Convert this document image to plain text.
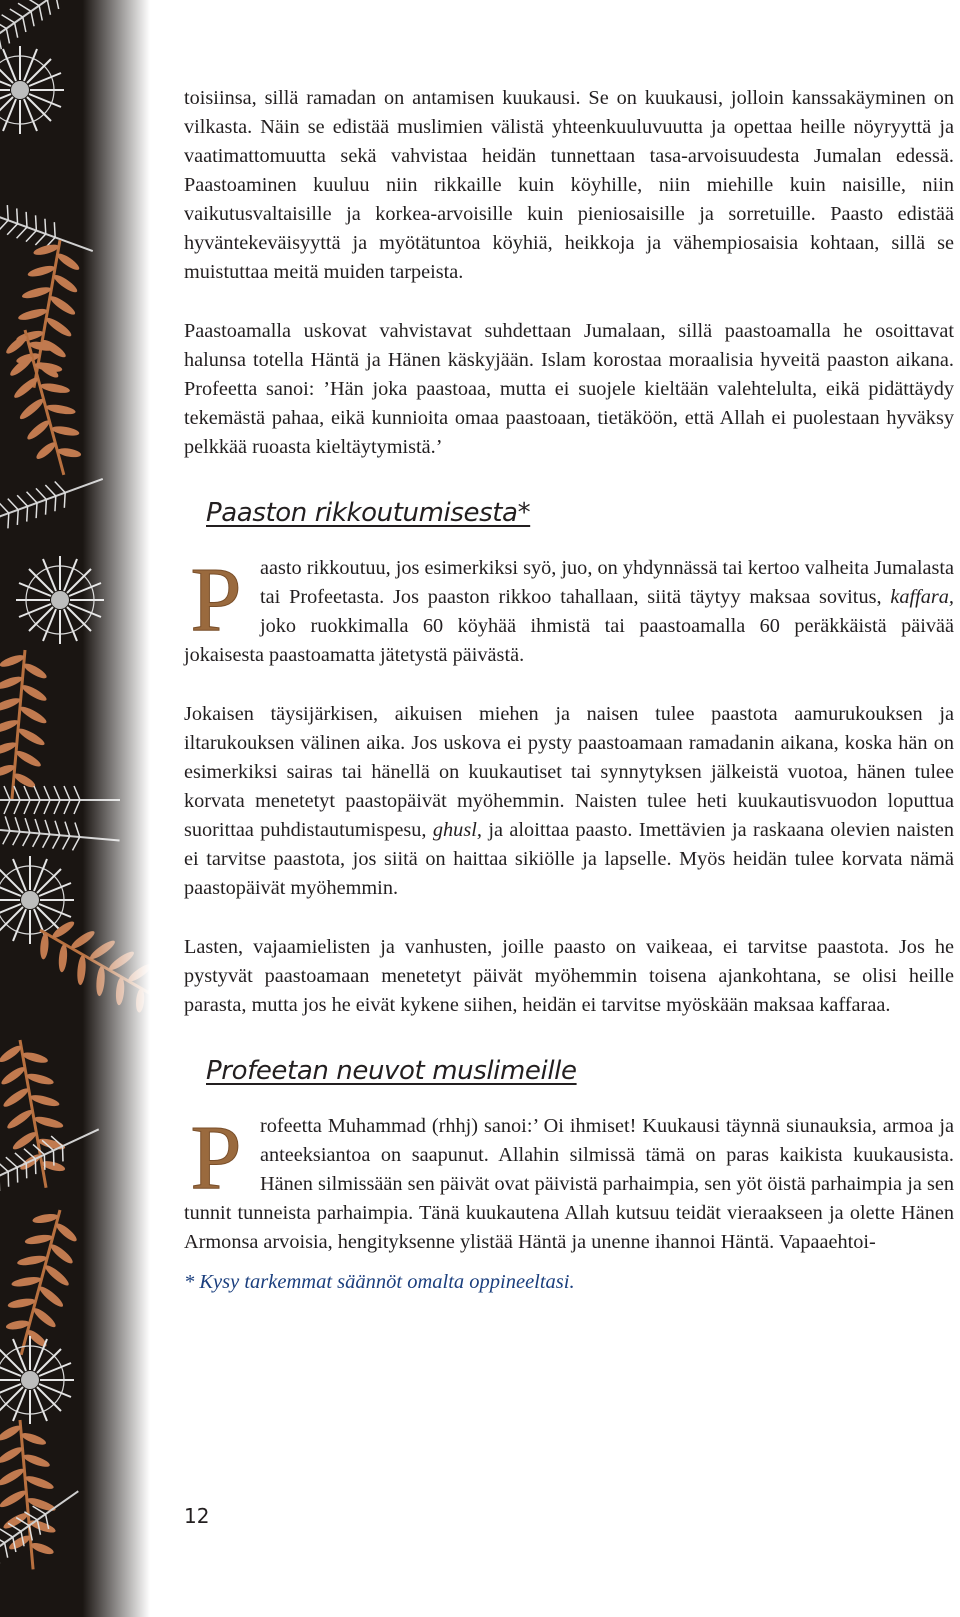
toisiinsa, sillä ramadan on antamisen kuukausi. Se on kuukausi, jolloin kanssakäyminen on vilkasta. Näin se edistää muslimien välistä yhteenkuuluvuutta ja opettaa heille nöyryyttä ja vaatimattomuutta sekä vahvistaa heidän tunnettaan tasa-arvoisuudesta Jumalan edessä. Paastoaminen kuuluu niin rikkaille kuin köyhille, niin miehille kuin naisille, niin vaikutusvaltaisille ja korkea-arvoisille kuin pieniosaisille ja sorretuille. Paasto edistää hyväntekeväisyyttä ja myötätuntoa köyhiä, heikkoja ja vähempiosaisia kohtaan, sillä se muistuttaa meitä muiden tarpeista.

Paastoamalla uskovat vahvistavat suhdettaan Jumalaan, sillä paastoamalla he osoittavat halunsa totella Häntä ja Hänen käskyjään. Islam korostaa moraalisia hyveitä paaston aikana. Profeetta sanoi: ’Hän joka paastoaa, mutta ei suojele kieltään valehtelulta, eikä pidättäydy tekemästä pahaa, eikä kunnioita omaa paastoaan, tietäköön, että Allah ei puolestaan hyväksy pelkkää ruoasta kieltäytymistä.’

Paaston rikkoutumisesta*
P aasto rikkoutuu, jos esimerkiksi syö, juo, on yhdynnässä tai kertoo valheita Jumalasta tai Profeetasta. Jos paaston rikkoo tahallaan, siitä täytyy maksaa sovitus, kaffara, joko ruokkimalla 60 köyhää ihmistä tai paastoamalla 60 peräkkäistä päivää jokaisesta paastoamatta jätetystä päivästä.

Jokaisen täysijärkisen, aikuisen miehen ja naisen tulee paastota aamurukouksen ja iltarukouksen välinen aika. Jos uskova ei pysty paastoamaan ramadanin aikana, koska hän on esimerkiksi sairas tai hänellä on kuukautiset tai synnytyksen jälkeistä vuotoa, hänen tulee korvata menetetyt paastopäivät myöhemmin. Naisten tulee heti kuukautisvuodon loputtua suorittaa puhdistautumispesu, ghusl, ja aloittaa paasto. Imettävien ja raskaana olevien naisten ei tarvitse paastota, jos siitä on haittaa sikiölle ja lapselle. Myös heidän tulee korvata nämä paastopäivät myöhemmin.

Lasten, vajaamielisten ja vanhusten, joille paasto on vaikeaa, ei tarvitse paastota. Jos he pystyvät paastoamaan menetetyt päivät myöhemmin toisena ajankohtana, se olisi heille parasta, mutta jos he eivät kykene siihen, heidän ei tarvitse myöskään maksaa kaffaraa.

Profeetan neuvot muslimeille
P rofeetta Muhammad (rhhj) sanoi:’ Oi ihmiset! Kuukausi täynnä siunauksia, armoa ja anteeksiantoa on saapunut. Allahin silmissä tämä on paras kaikista kuukausista. Hänen silmissään sen päivät ovat päivistä parhaimpia, sen yöt öistä parhaimpia ja sen tunnit tunneista parhaimpia. Tänä kuukautena Allah kutsuu teidät vieraakseen ja olette Hänen Armonsa arvoisia, hengityksenne ylistää Häntä ja unenne ihannoi Häntä. Vapaaehtoi-

* Kysy tarkemmat säännöt omalta oppineeltasi.

12
